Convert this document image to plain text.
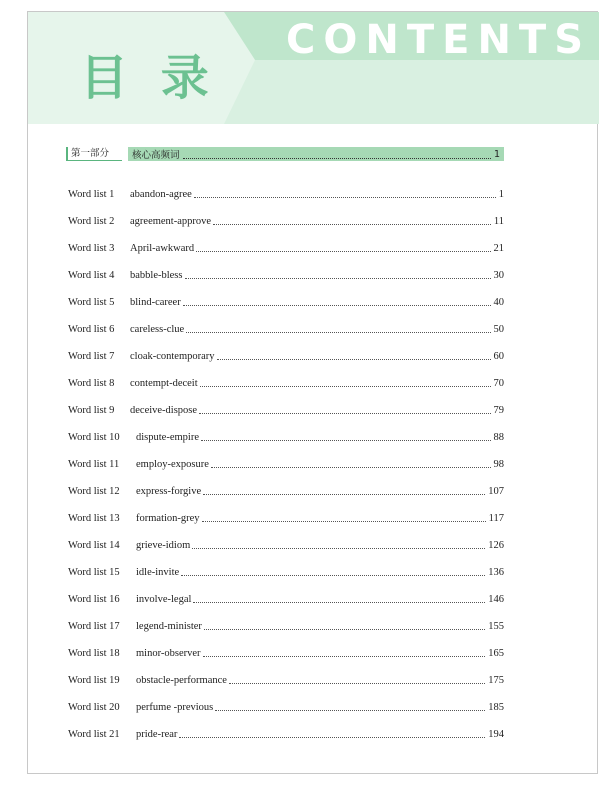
CONTENTS
目 录
第一部分	核心高频词	1
Word list 1	abandon-agree	1
Word list 2	agreement-approve	11
Word list 3	April-awkward	21
Word list 4	babble-bless	30
Word list 5	blind-career	40
Word list 6	careless-clue	50
Word list 7	cloak-contemporary	60
Word list 8	contempt-deceit	70
Word list 9	deceive-dispose	79
Word list 10	dispute-empire	88
Word list 11	employ-exposure	98
Word list 12	express-forgive	107
Word list 13	formation-grey	117
Word list 14	grieve-idiom	126
Word list 15	idle-invite	136
Word list 16	involve-legal	146
Word list 17	legend-minister	155
Word list 18	minor-observer	165
Word list 19	obstacle-performance	175
Word list 20	perfume -previous	185
Word list 21	pride-rear	194
